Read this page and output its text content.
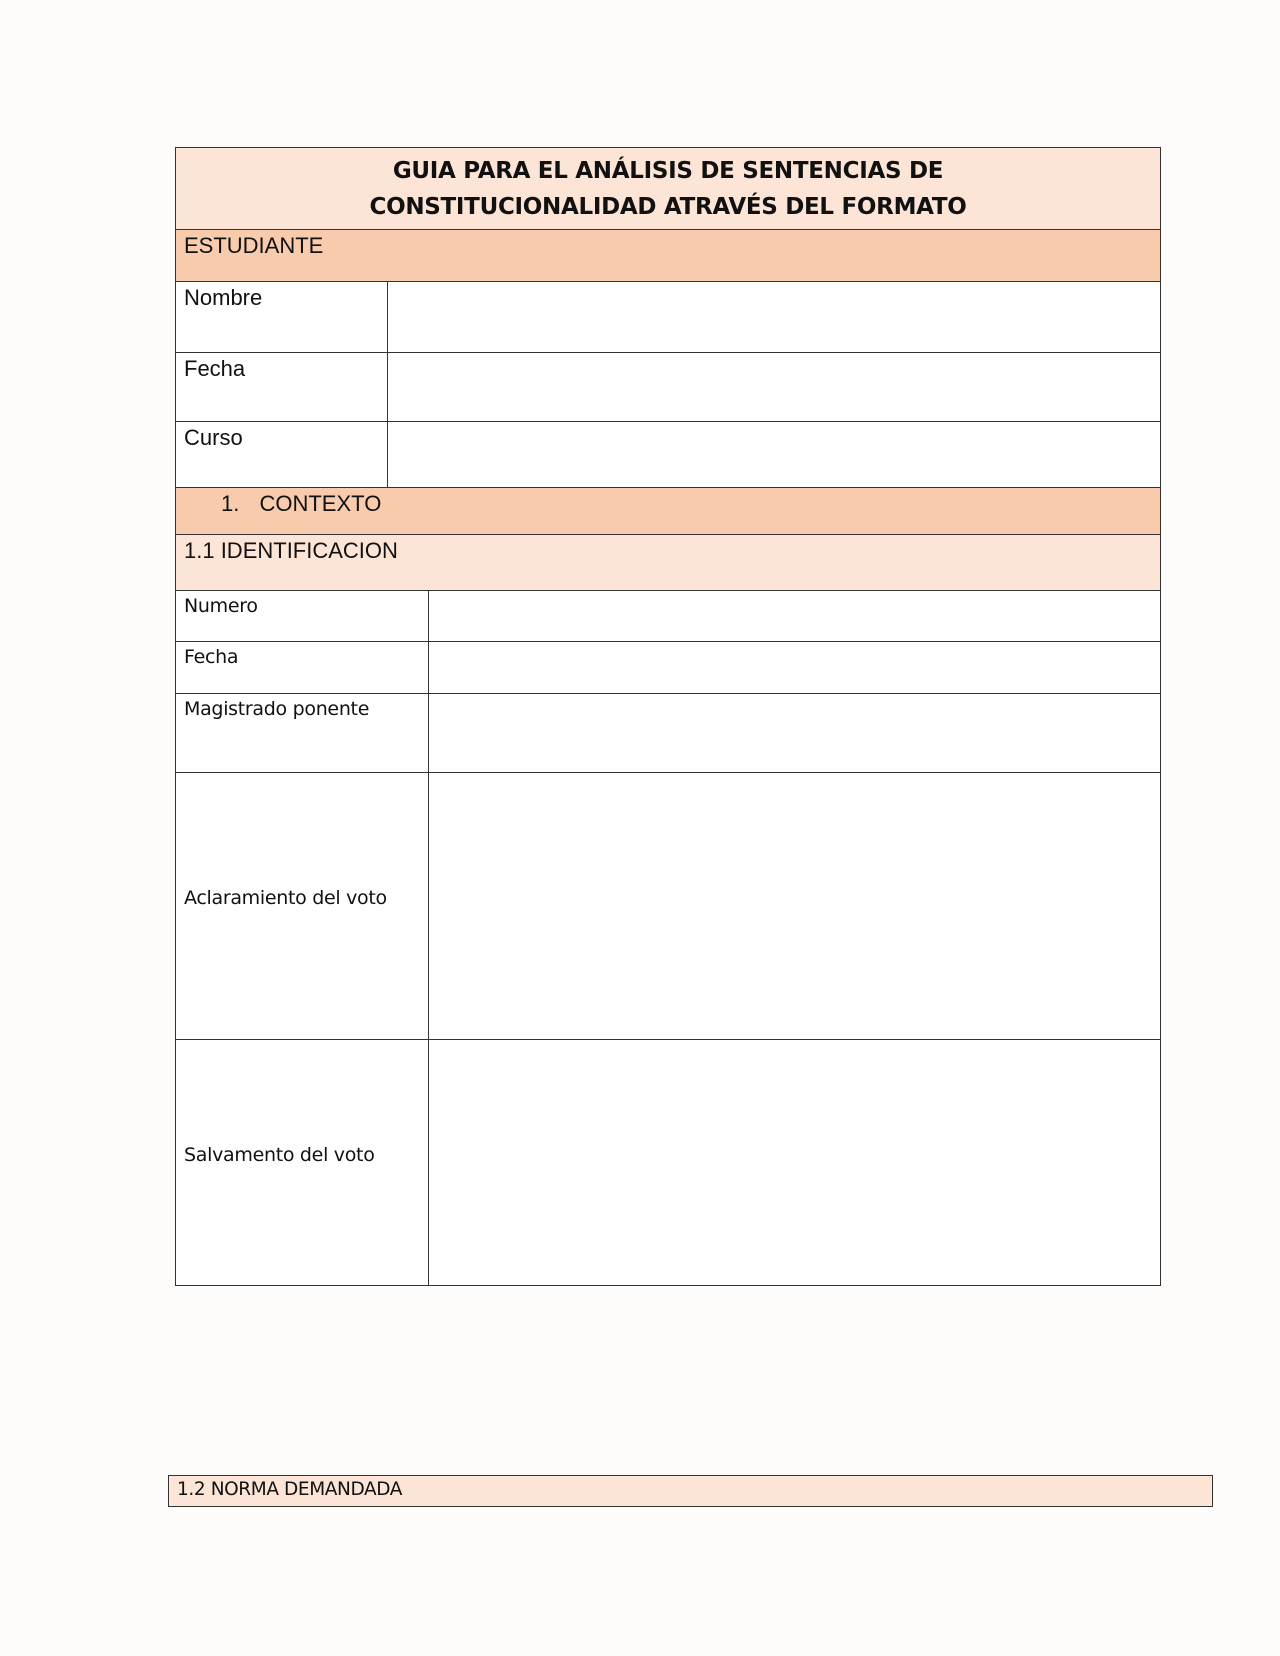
GUIA PARA EL ANÁLISIS DE SENTENCIAS DE
CONSTITUCIONALIDAD ATRAVÉS DEL FORMATO
ESTUDIANTE
Nombre
Fecha
Curso
1. CONTEXTO
1.1 IDENTIFICACION
Numero
Fecha
Magistrado ponente
Aclaramiento del voto
Salvamento del voto
1.2 NORMA DEMANDADA
